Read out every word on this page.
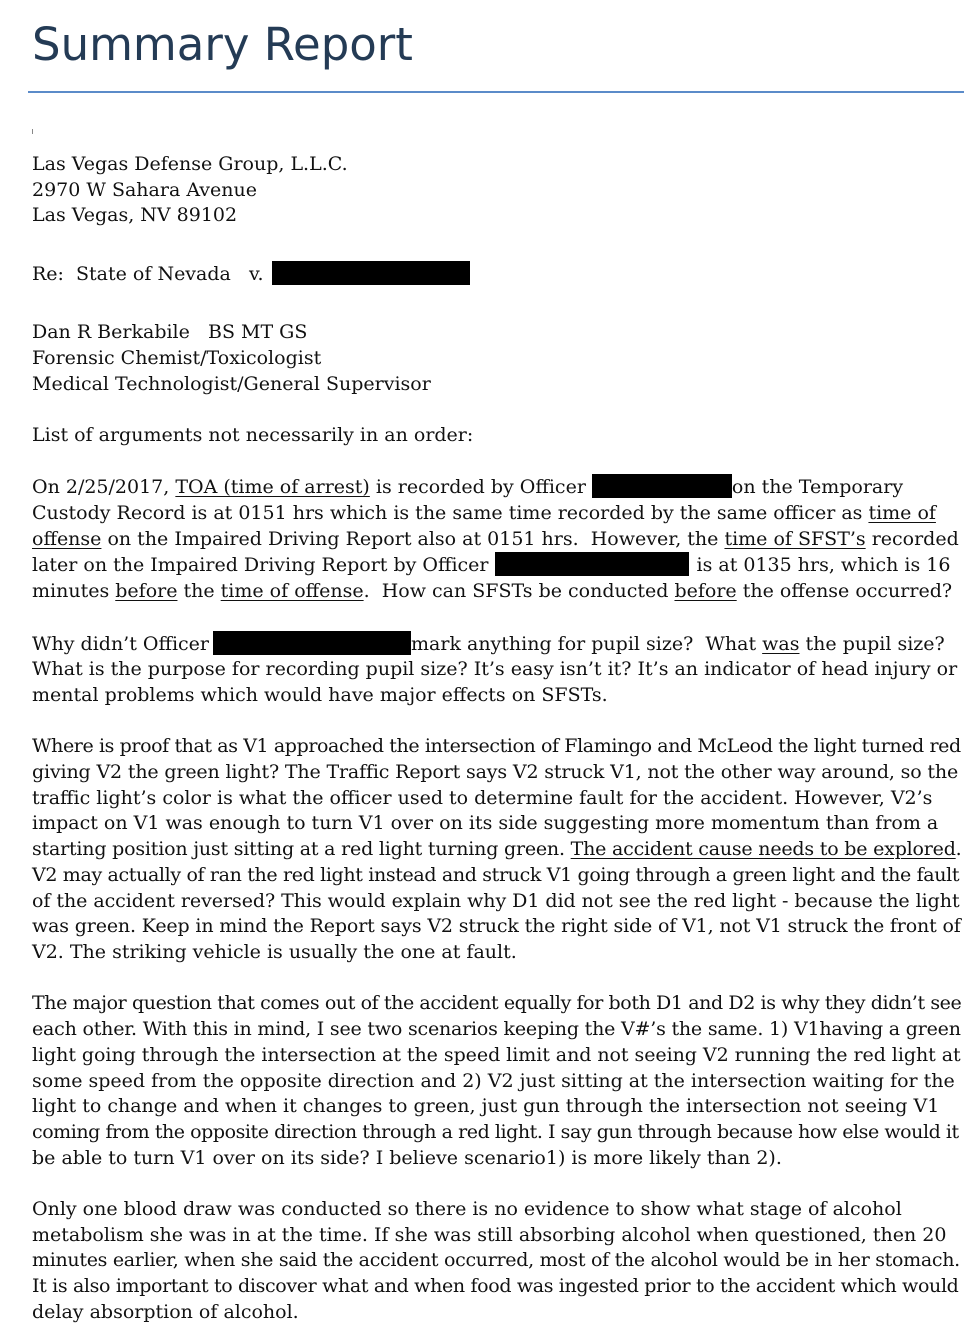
Summary Report

Las Vegas Defense Group, L.L.C.
2970 W Sahara Avenue
Las Vegas, NV 89102

Re:  State of Nevada   v.

Dan R Berkabile   BS MT GS
Forensic Chemist/Toxicologist
Medical Technologist/General Supervisor

List of arguments not necessarily in an order:

On 2/25/2017, TOA (time of arrest) is recorded by Officer	on the Temporary
Custody Record is at 0151 hrs which is the same time recorded by the same officer as time of
offense on the Impaired Driving Report also at 0151 hrs.  However, the time of SFST’s recorded
later on the Impaired Driving Report by Officer	is at 0135 hrs, which is 16
minutes before the time of offense.  How can SFSTs be conducted before the offense occurred?

Why didn’t Officer	mark anything for pupil size?  What was the pupil size?
What is the purpose for recording pupil size? It’s easy isn’t it? It’s an indicator of head injury or
mental problems which would have major effects on SFSTs.

Where is proof that as V1 approached the intersection of Flamingo and McLeod the light turned red
giving V2 the green light? The Traffic Report says V2 struck V1, not the other way around, so the
traffic light’s color is what the officer used to determine fault for the accident. However, V2’s
impact on V1 was enough to turn V1 over on its side suggesting more momentum than from a
starting position just sitting at a red light turning green. The accident cause needs to be explored.
V2 may actually of ran the red light instead and struck V1 going through a green light and the fault
of the accident reversed? This would explain why D1 did not see the red light - because the light
was green. Keep in mind the Report says V2 struck the right side of V1, not V1 struck the front of
V2. The striking vehicle is usually the one at fault.

The major question that comes out of the accident equally for both D1 and D2 is why they didn’t see
each other. With this in mind, I see two scenarios keeping the V#’s the same. 1) V1having a green
light going through the intersection at the speed limit and not seeing V2 running the red light at
some speed from the opposite direction and 2) V2 just sitting at the intersection waiting for the
light to change and when it changes to green, just gun through the intersection not seeing V1
coming from the opposite direction through a red light. I say gun through because how else would it
be able to turn V1 over on its side? I believe scenario1) is more likely than 2).

Only one blood draw was conducted so there is no evidence to show what stage of alcohol
metabolism she was in at the time. If she was still absorbing alcohol when questioned, then 20
minutes earlier, when she said the accident occurred, most of the alcohol would be in her stomach.
It is also important to discover what and when food was ingested prior to the accident which would
delay absorption of alcohol.
